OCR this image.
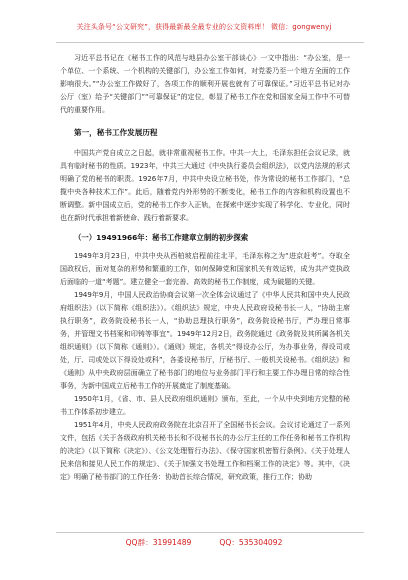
关注头条号“公文研究”，获得最新最全最专业的公文资料库！ 微信：gongwenyj

习近平总书记在《秘书工作的风范与地县办公室干部谈心》一文中指出：“办公室，是一个单位、一个系统、一个机构的关键部门，办公室工作如何，对党委乃至一个地方全面的工作影响很大。”“办公室工作做好了，各项工作的顺利开展也就有了可靠保证。”习近平总书记对办公厅（室）给予“关键部门”“可靠保证”的定位，彰显了秘书工作在党和国家全局工作中不可替代的重要作用。

第一，秘书工作发展历程

中国共产党自成立之日起，就非常重视秘书工作。中共一大上，毛泽东担任会议记录，就具有临时秘书的性质。1923年，中共三大通过《中央执行委员会组织法》，以党内法规的形式明确了党的秘书的职责。1926年7月，中共中央设立秘书处，作为常设的秘书工作部门，“总揽中央各种技术工作”。此后，随着党内外形势的不断变化，秘书工作的内容和机构设置也不断调整。新中国成立后，党的秘书工作步入正轨，在探索中逐步实现了科学化、专业化，同时也在新时代承担着新使命、践行着新要求。

（一）19491966年：秘书工作建章立制的初步探索

1949年3月23日，中共中央从西柏坡启程前往北平，毛泽东称之为“进京赶考”。夺取全国政权后，面对复杂的形势和繁重的工作，如何保障党和国家机关有效运转，成为共产党执政后面临的一道“考题”。建立健全一套完善、高效的秘书工作制度，成为破题的关键。

1949年9月，中国人民政治协商会议第一次全体会议通过了《中华人民共和国中央人民政府组织法》（以下简称《组织法》）。《组织法》规定，中央人民政府设秘书长一人，“协助主席执行职务”，政务院设秘书长一人，“协助总理执行职务”，政务院设秘书厅，严办理日常事务，并管理文书档案和印铸等事宜”。1949年12月2日，政务院通过《政务院及其所属各机关组织通则》（以下简称《通则》）。《通则》规定，各机关“得设办公厅，为办事业务，得设司或处，厅、司或处以下得设处或科”，各委设秘书厅，厅秘书厅、一般机关设秘书。《组织法》和《通则》从中央政府层面确立了秘书部门的地位与业务部门平行和主要工作办理日常的综合性事务，为新中国成立后秘书工作的开展奠定了制度基础。

1950年1月，《省、市、县人民政府组织通则》颁布，至此，一个从中央到地方完整的秘书工作体系初步建立。

1951年4月，中央人民政府政务院在北京召开了全国秘书长会议。会议讨论通过了一系列文件，包括《关于各级政府机关秘书长和不设秘书长的办公厅主任的工作任务和秘书工作机构的决定》（以下简称《决定》）、《公文处理暂行办法》、《保守国家机密暂行条例》、《关于处理人民来信和接见人民工作的规定》、《关于加强文书处理工作和档案工作的决定》等。其中，《决定》明确了秘书部门的工作任务：协助首长综合情况，研究政策，推行工作；协助

QQ群：31991489	QQ：535304092
